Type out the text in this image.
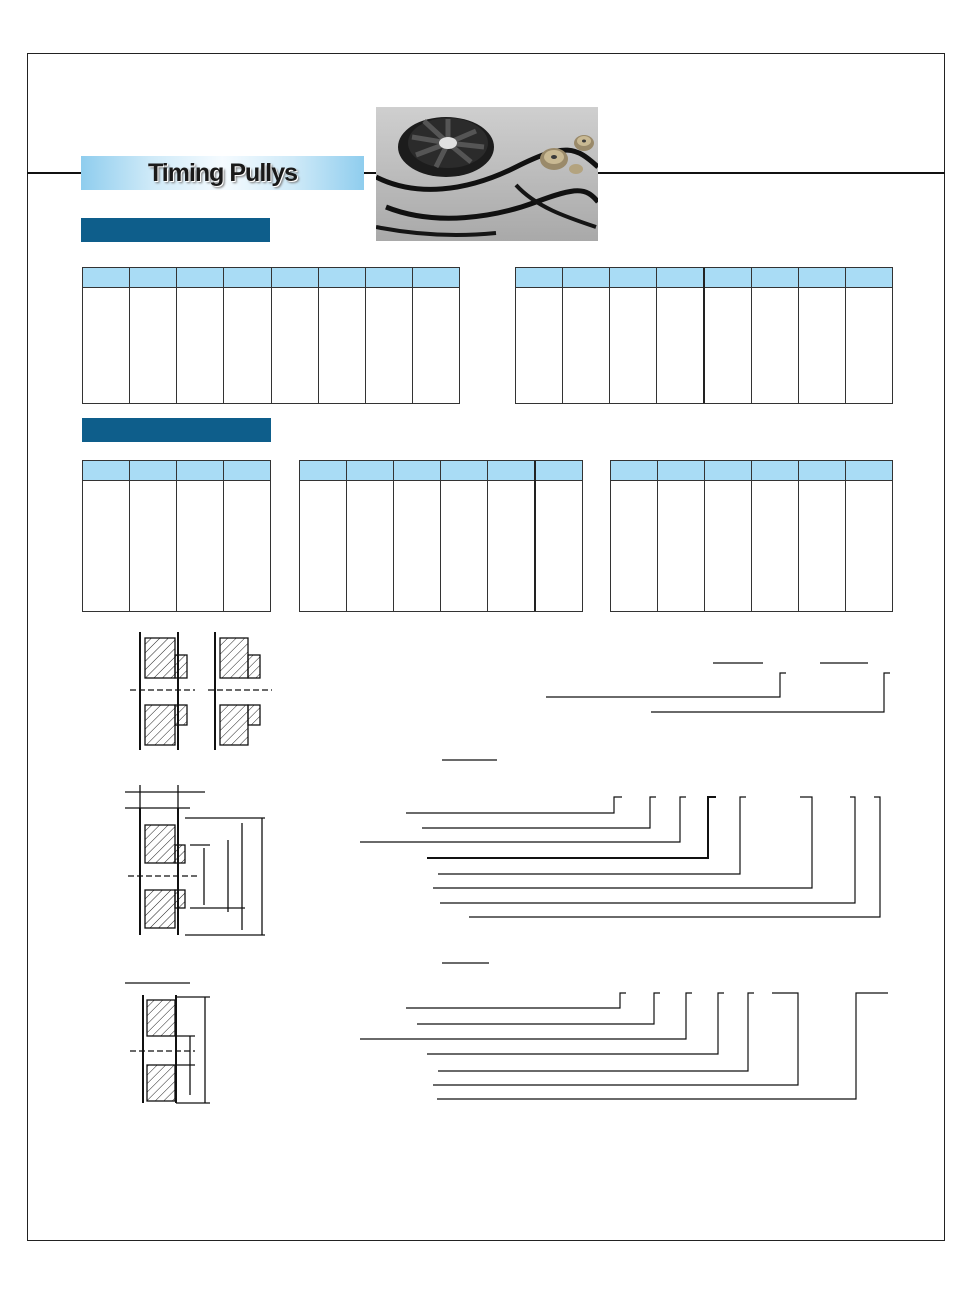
Timing Pullys
